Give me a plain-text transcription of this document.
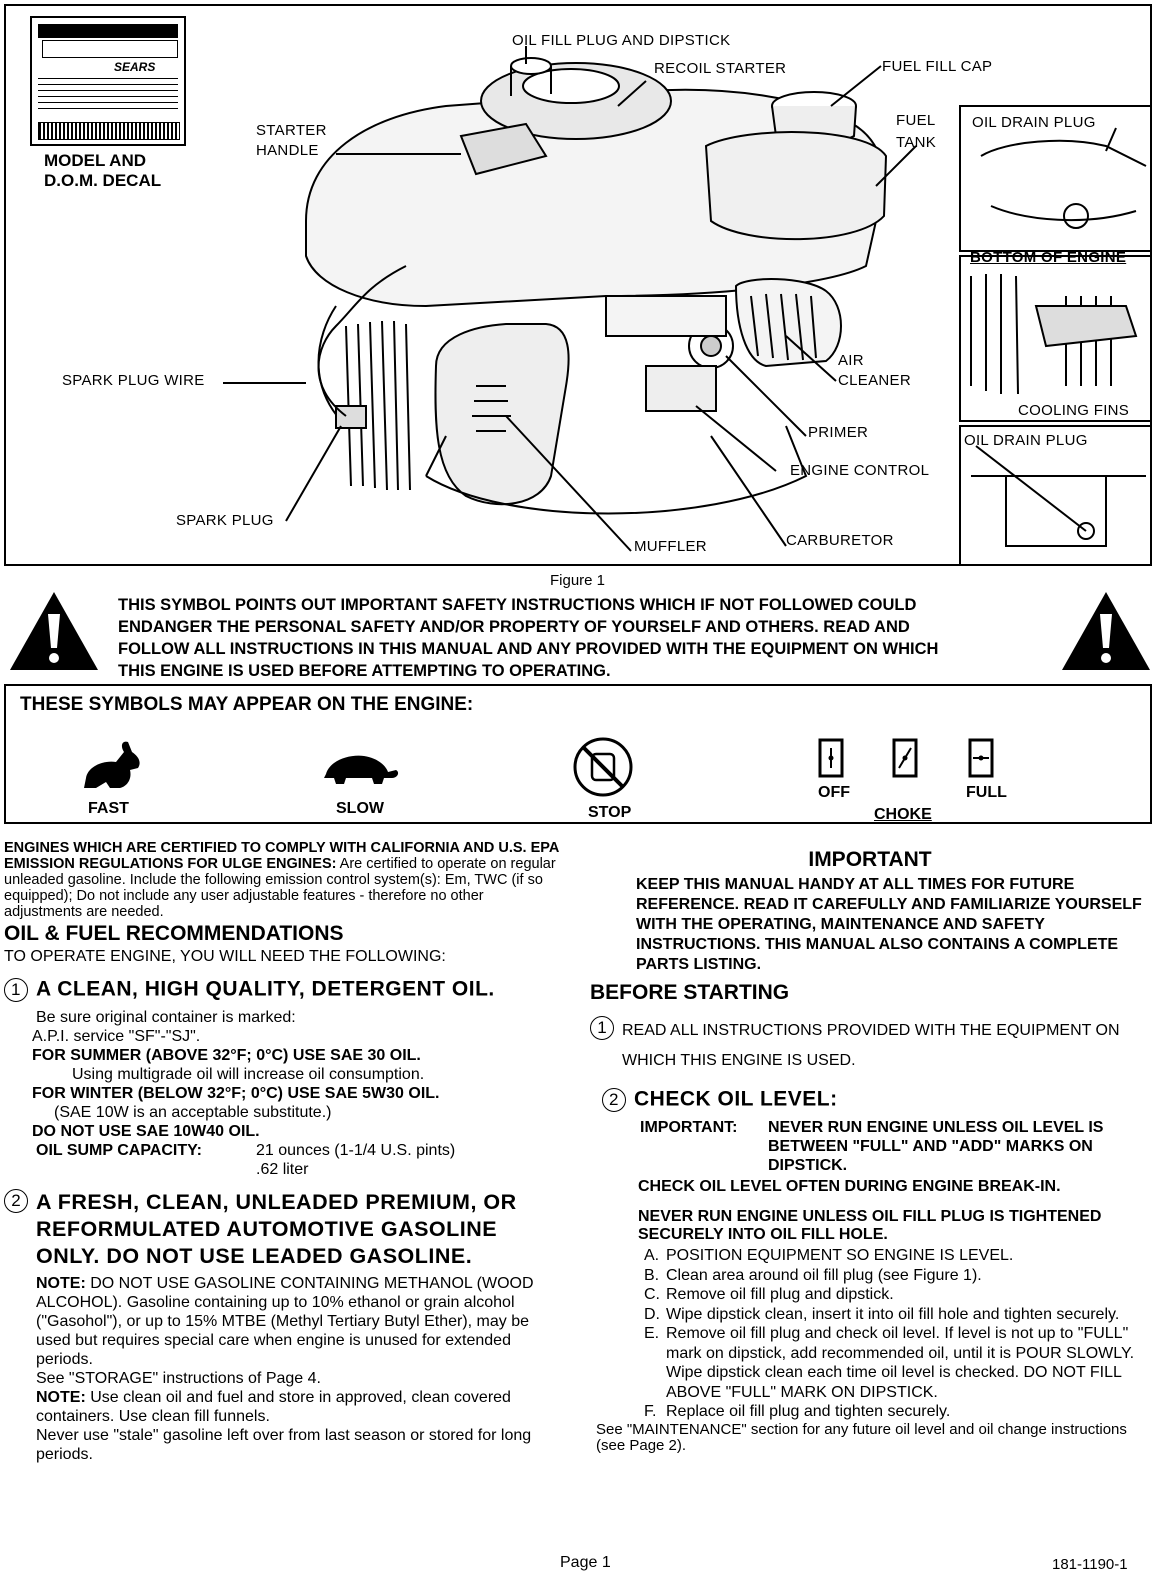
SEARS
MODEL AND
D.O.M. DECAL
OIL FILL PLUG AND DIPSTICK
RECOIL STARTER	FUEL FILL CAP
STARTER
HANDLE
FUEL
TANK
SPARK PLUG WIRE
AIR
CLEANER
PRIMER
ENGINE CONTROL
SPARK PLUG
MUFFLER	CARBURETOR
OIL DRAIN PLUG
BOTTOM OF ENGINE
COOLING FINS
OIL DRAIN PLUG
Figure 1
THIS SYMBOL POINTS OUT IMPORTANT SAFETY INSTRUCTIONS WHICH IF NOT FOLLOWED COULD
ENDANGER THE PERSONAL SAFETY AND/OR PROPERTY OF YOURSELF AND OTHERS. READ AND
FOLLOW ALL INSTRUCTIONS IN THIS MANUAL AND ANY PROVIDED WITH THE EQUIPMENT ON WHICH
THIS ENGINE IS USED BEFORE ATTEMPTING TO OPERATING.
THESE SYMBOLS MAY APPEAR ON THE ENGINE:
FAST	SLOW	STOP
OFF	FULL
CHOKE

ENGINES WHICH ARE CERTIFIED TO COMPLY WITH CALIFORNIA AND U.S. EPA EMISSION REGULATIONS FOR ULGE ENGINES: Are certified to operate on regular unleaded gasoline. Include the following emission control system(s): Em, TWC (if so equipped); Do not include any user adjustable features - therefore no other adjustments are needed.

OIL & FUEL RECOMMENDATIONS

TO OPERATE ENGINE, YOU WILL NEED THE FOLLOWING:

1 A CLEAN, HIGH QUALITY, DETERGENT OIL.

Be sure original container is marked:

A.P.I. service "SF"-"SJ".

FOR SUMMER (ABOVE 32°F; 0°C) USE SAE 30 OIL.

Using multigrade oil will increase oil consumption.

FOR WINTER (BELOW 32°F; 0°C) USE SAE 5W30 OIL.

(SAE 10W is an acceptable substitute.)

DO NOT USE SAE 10W40 OIL.

OIL SUMP CAPACITY:	21 ounces (1-1/4 U.S. pints)

.62 liter

2 A FRESH, CLEAN, UNLEADED PREMIUM, OR REFORMULATED AUTOMOTIVE GASOLINE ONLY. DO NOT USE LEADED GASOLINE.

NOTE: DO NOT USE GASOLINE CONTAINING METHANOL (WOOD ALCOHOL). Gasoline containing up to 10% ethanol or grain alcohol ("Gasohol"), or up to 15% MTBE (Methyl Tertiary Butyl Ether), may be used but requires special care when engine is unused for extended periods.

See "STORAGE" instructions of Page 4.

NOTE: Use clean oil and fuel and store in approved, clean covered containers. Use clean fill funnels.

Never use "stale" gasoline left over from last season or stored for long periods.

IMPORTANT

KEEP THIS MANUAL HANDY AT ALL TIMES FOR FUTURE REFERENCE. READ IT CAREFULLY AND FAMILIARIZE YOURSELF WITH THE OPERATING, MAINTENANCE AND SAFETY INSTRUCTIONS. THIS MANUAL ALSO CONTAINS A COMPLETE PARTS LISTING.

BEFORE STARTING

1 READ ALL INSTRUCTIONS PROVIDED WITH THE EQUIPMENT ON WHICH THIS ENGINE IS USED.

2 CHECK OIL LEVEL:

IMPORTANT:	NEVER RUN ENGINE UNLESS OIL LEVEL IS BETWEEN "FULL" AND "ADD" MARKS ON DIPSTICK.

CHECK OIL LEVEL OFTEN DURING ENGINE BREAK-IN.

NEVER RUN ENGINE UNLESS OIL FILL PLUG IS TIGHTENED SECURELY INTO OIL FILL HOLE.

A. POSITION EQUIPMENT SO ENGINE IS LEVEL.
B. Clean area around oil fill plug (see Figure 1).
C. Remove oil fill plug and dipstick.
D. Wipe dipstick clean, insert it into oil fill hole and tighten securely.
E. Remove oil fill plug and check oil level. If level is not up to "FULL" mark on dipstick, add recommended oil, until it is POUR SLOWLY. Wipe dipstick clean each time oil level is checked. DO NOT FILL ABOVE "FULL" MARK ON DIPSTICK.
F. Replace oil fill plug and tighten securely.

See "MAINTENANCE" section for any future oil level and oil change instructions (see Page 2).

Page 1	181-1190-1
